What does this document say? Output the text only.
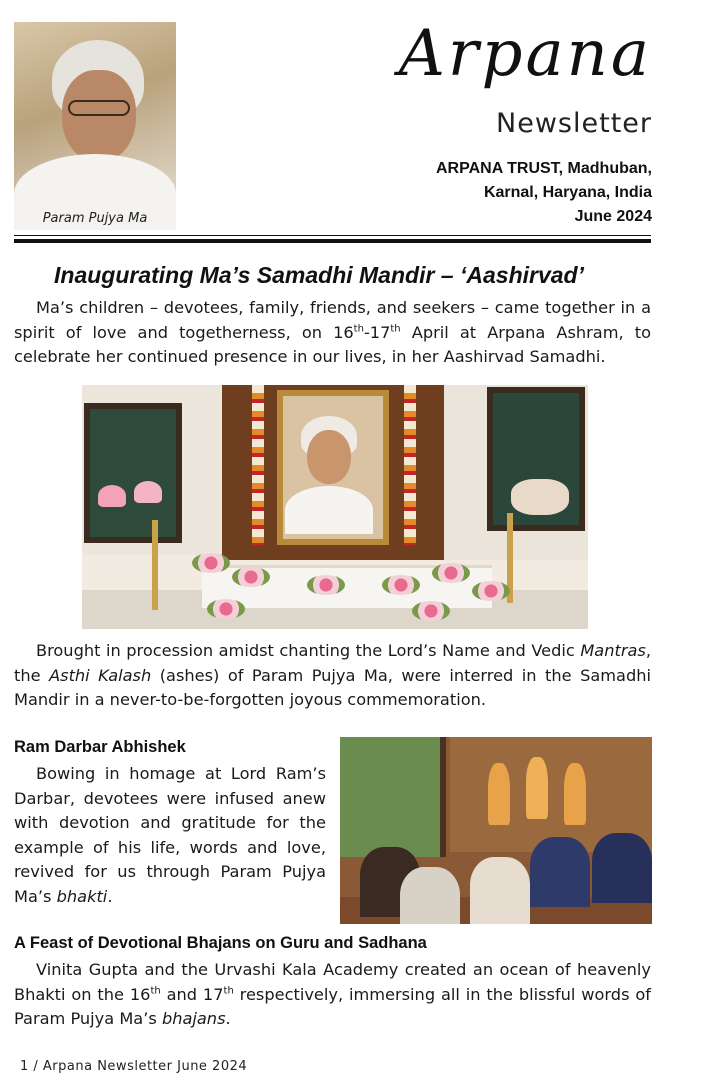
Param Pujya Ma
Arpana
Newsletter
ARPANA TRUST, Madhuban,
Karnal, Haryana, India
June 2024
Inaugurating Ma’s Samadhi Mandir – ‘Aashirvad’

Ma’s children – devotees, family, friends, and seekers – came together in a spirit of love and togetherness, on 16th-17th April at Arpana Ashram, to celebrate her continued presence in our lives, in her Aashirvad Samadhi.

Brought in procession amidst chanting the Lord’s Name and Vedic Mantras, the Asthi Kalash (ashes) of Param Pujya Ma, were interred in the Samadhi Mandir in a never-to-be-forgotten joyous commemoration.

Ram Darbar Abhishek

Bowing in homage at Lord Ram’s Darbar, devotees were infused anew with devotion and gratitude for the example of his life, words and love, revived for us through Param Pujya Ma’s bhakti.

A Feast of Devotional Bhajans on Guru and Sadhana

Vinita Gupta and the Urvashi Kala Academy created an ocean of heavenly Bhakti on the 16th and 17th respectively, immersing all in the blissful words of Param Pujya Ma’s bhajans.

1 / Arpana Newsletter June 2024
